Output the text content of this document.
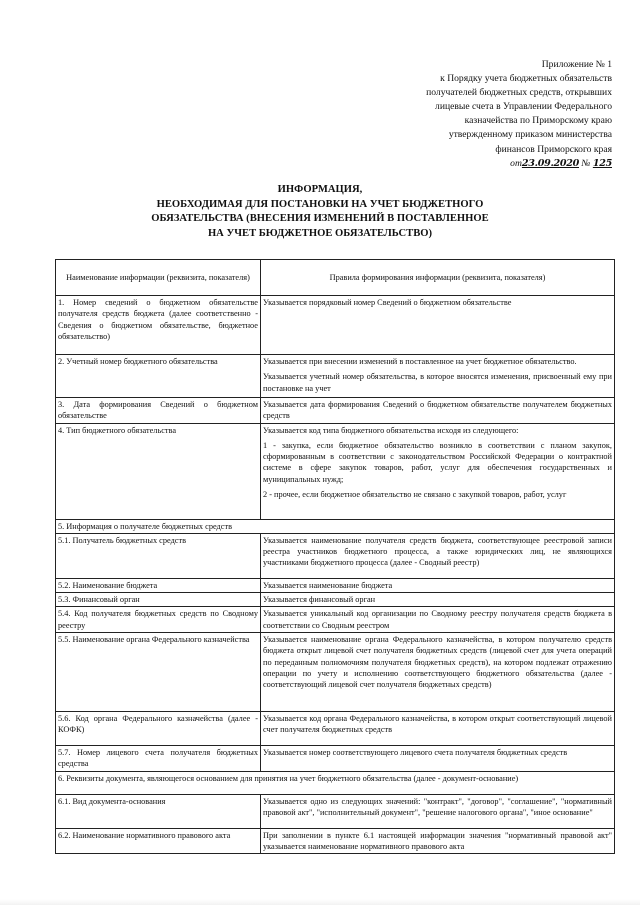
Приложение № 1
к Порядку учета бюджетных обязательств
получателей бюджетных средств, открывших
лицевые счета в Управлении Федерального
казначейства по Приморскому краю
утвержденному приказом министерства
финансов Приморского края
от23.09.2020 № 125
ИНФОРМАЦИЯ,
НЕОБХОДИМАЯ ДЛЯ ПОСТАНОВКИ НА УЧЕТ БЮДЖЕТНОГО
ОБЯЗАТЕЛЬСТВА (ВНЕСЕНИЯ ИЗМЕНЕНИЙ В ПОСТАВЛЕННОЕ
НА УЧЕТ БЮДЖЕТНОЕ ОБЯЗАТЕЛЬСТВО)
Наименование информации (реквизита, показателя)	Правила формирования информации (реквизита, показателя)
1. Номер сведений о бюджетном обязательстве получателя средств бюджета (далее соответственно - Сведения о бюджетном обязательстве, бюджетное обязательство)	Указывается порядковый номер Сведений о бюджетном обязательстве

2. Учетный номер бюджетного обязательства	Указывается при внесении изменений в поставленное на учет бюджетное обязательство.
Указывается учетный номер обязательства, в которое вносятся изменения, присвоенный ему при постановке на учет

3. Дата формирования Сведений о бюджетном обязательстве	Указывается дата формирования Сведений о бюджетном обязательстве получателем бюджетных средств

4. Тип бюджетного обязательства	Указывается код типа бюджетного обязательства исходя из следующего:
1 - закупка, если бюджетное обязательство возникло в соответствии с планом закупок, сформированным в соответствии с законодательством Российской Федерации о контрактной системе в сфере закупок товаров, работ, услуг для обеспечения государственных и муниципальных нужд;
2 - прочее, если бюджетное обязательство не связано с закупкой товаров, работ, услуг

5. Информация о получателе бюджетных средств	
5.1. Получатель бюджетных средств	Указывается наименование получателя средств бюджета, соответствующее реестровой записи реестра участников бюджетного процесса, а также юридических лиц, не являющихся участниками бюджетного процесса (далее - Сводный реестр)

5.2. Наименование бюджета	Указывается наименование бюджета

5.3. Финансовый орган	Указывается финансовый орган

5.4. Код получателя бюджетных средств по Сводному реестру	Указывается уникальный код организации по Сводному реестру получателя средств бюджета в соответствии со Сводным реестром

5.5. Наименование органа Федерального казначейства	Указывается наименование органа Федерального казначейства, в котором получателю средств бюджета открыт лицевой счет получателя бюджетных средств (лицевой счет для учета операций по переданным полномочиям получателя бюджетных средств), на котором подлежат отражению операции по учету и исполнению соответствующего бюджетного обязательства (далее - соответствующий лицевой счет получателя бюджетных средств)

5.6. Код органа Федерального казначейства (далее - КОФК)	Указывается код органа Федерального казначейства, в котором открыт соответствующий лицевой счет получателя бюджетных средств

5.7. Номер лицевого счета получателя бюджетных средства	Указывается номер соответствующего лицевого счета получателя бюджетных средств

6. Реквизиты документа, являющегося основанием для принятия на учет бюджетного обязательства (далее - документ-основание)	
6.1. Вид документа-основания	Указывается одно из следующих значений: "контракт", "договор", "соглашение", "нормативный правовой акт", "исполнительный документ", "решение налогового органа", "иное основание"

6.2. Наименование нормативного правового акта	При заполнении в пункте 6.1 настоящей информации значения "нормативный правовой акт" указывается наименование нормативного правового акта
